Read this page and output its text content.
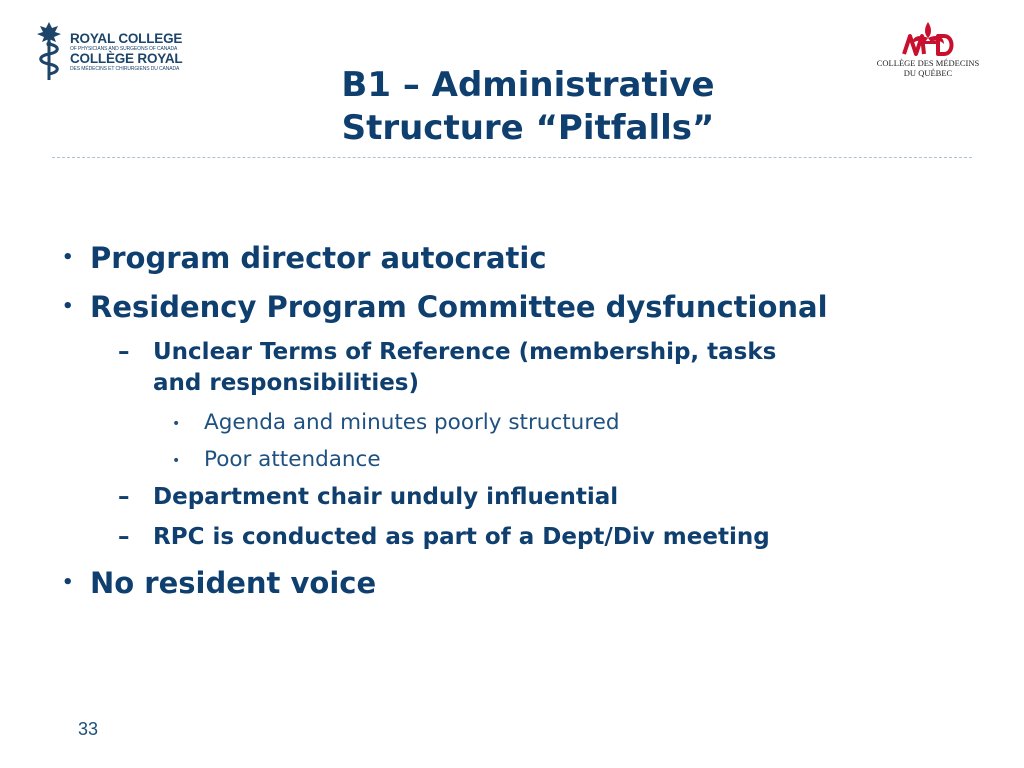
ROYAL COLLEGE
OF PHYSICIANS AND SURGEONS OF CANADA
COLLÈGE ROYAL
DES MÉDECINS ET CHIRURGIENS DU CANADA
COLLÈGE DES MÉDECINS
DU QUÉBEC
B1 – Administrative
Structure “Pitfalls”
• Program director autocratic
• Residency Program Committee dysfunctional
– Unclear Terms of Reference (membership, tasks
and responsibilities)
• Agenda and minutes poorly structured
• Poor attendance
– Department chair unduly influential
– RPC is conducted as part of a Dept/Div meeting
• No resident voice
33
